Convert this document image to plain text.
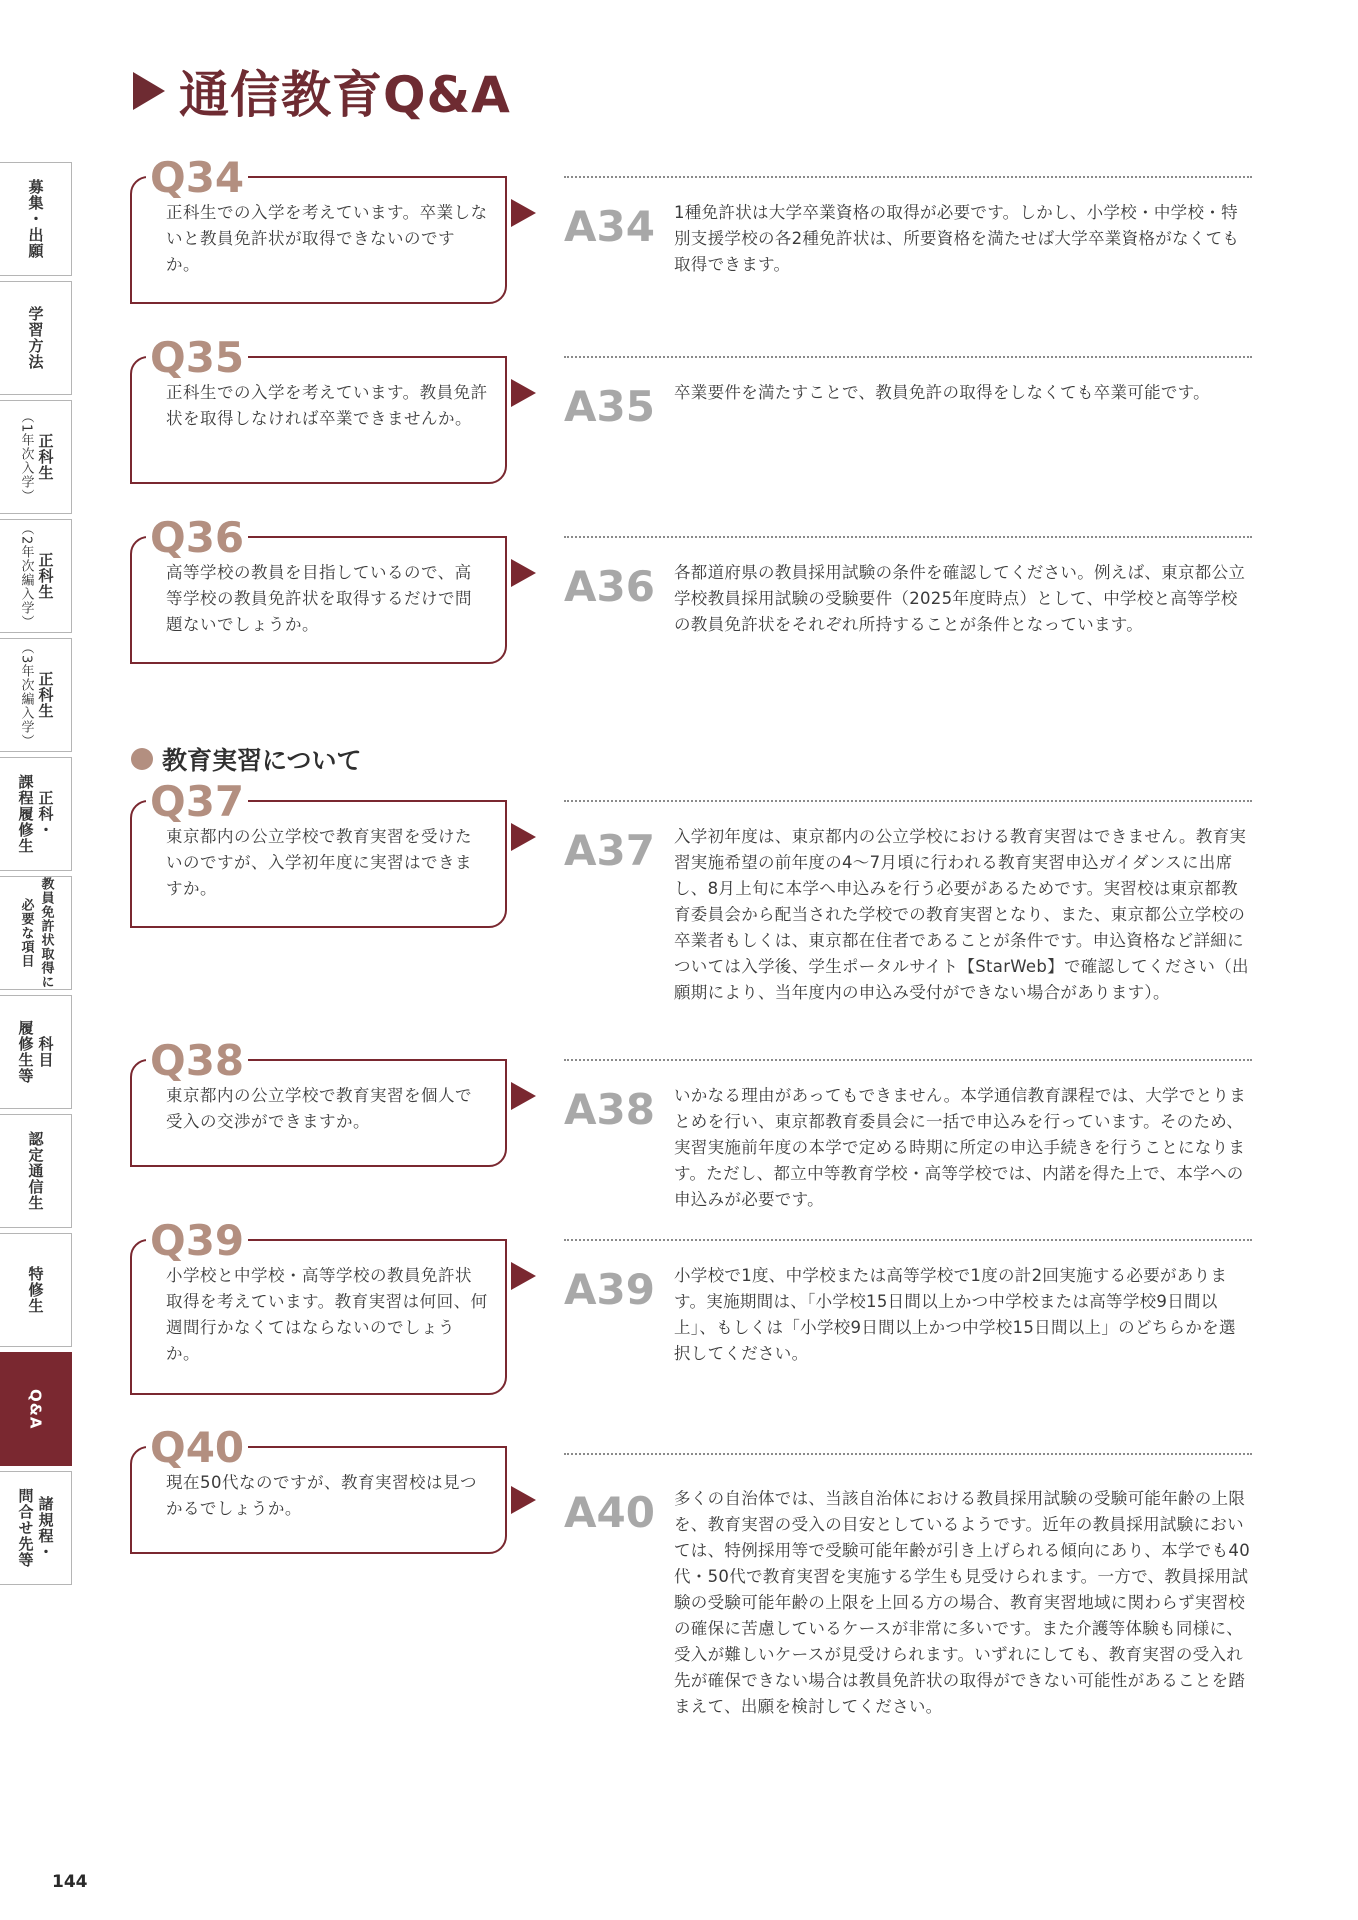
通信教育Q&A
募集・出願
学習方法
正科生
（1年次入学）
正科生
（2年次編入学）
正科生
（3年次編入学）
正科・
課程履修生
教員免許状取得に
必要な項目
科目
履修生等
認定通信生
特修生
Q&A
諸規程・
問合せ先等
教育実習について
Q34
正科生での入学を考えています。卒業しないと教員免許状が取得できないのですか。
A34 1種免許状は大学卒業資格の取得が必要です。しかし、小学校・中学校・特別支援学校の各2種免許状は、所要資格を満たせば大学卒業資格がなくても取得できます。
Q35
正科生での入学を考えています。教員免許状を取得しなければ卒業できませんか。	A35 卒業要件を満たすことで、教員免許の取得をしなくても卒業可能です。
Q36
高等学校の教員を目指しているので、高等学校の教員免許状を取得するだけで問題ないでしょうか。
A36 各都道府県の教員採用試験の条件を確認してください。例えば、東京都公立学校教員採用試験の受験要件（2025年度時点）として、中学校と高等学校の教員免許状をそれぞれ所持することが条件となっています。
Q37
東京都内の公立学校で教育実習を受けたいのですが、入学初年度に実習はできますか。
A37 入学初年度は、東京都内の公立学校における教育実習はできません。教育実習実施希望の前年度の4～7月頃に行われる教育実習申込ガイダンスに出席し、8月上旬に本学へ申込みを行う必要があるためです。実習校は東京都教育委員会から配当された学校での教育実習となり、また、東京都公立学校の卒業者もしくは、東京都在住者であることが条件です。申込資格など詳細については入学後、学生ポータルサイト【StarWeb】で確認してください（出願期により、当年度内の申込み受付ができない場合があります）。
Q38
東京都内の公立学校で教育実習を個人で受入の交渉ができますか。	A38 いかなる理由があってもできません。本学通信教育課程では、大学でとりまとめを行い、東京都教育委員会に一括で申込みを行っています。そのため、実習実施前年度の本学で定める時期に所定の申込手続きを行うことになります。ただし、都立中等教育学校・高等学校では、内諾を得た上で、本学への申込みが必要です。
Q39
小学校と中学校・高等学校の教員免許状取得を考えています。教育実習は何回、何週間行かなくてはならないのでしょうか。
A39 小学校で1度、中学校または高等学校で1度の計2回実施する必要があります。実施期間は、「小学校15日間以上かつ中学校または高等学校9日間以上」、もしくは「小学校9日間以上かつ中学校15日間以上」のどちらかを選択してください。
Q40
現在50代なのですが、教育実習校は見つかるでしょうか。	A40 多くの自治体では、当該自治体における教員採用試験の受験可能年齢の上限を、教育実習の受入の目安としているようです。近年の教員採用試験においては、特例採用等で受験可能年齢が引き上げられる傾向にあり、本学でも40代・50代で教育実習を実施する学生も見受けられます。一方で、教員採用試験の受験可能年齢の上限を上回る方の場合、教育実習地域に関わらず実習校の確保に苦慮しているケースが非常に多いです。また介護等体験も同様に、受入が難しいケースが見受けられます。いずれにしても、教育実習の受入れ先が確保できない場合は教員免許状の取得ができない可能性があることを踏まえて、出願を検討してください。
144
